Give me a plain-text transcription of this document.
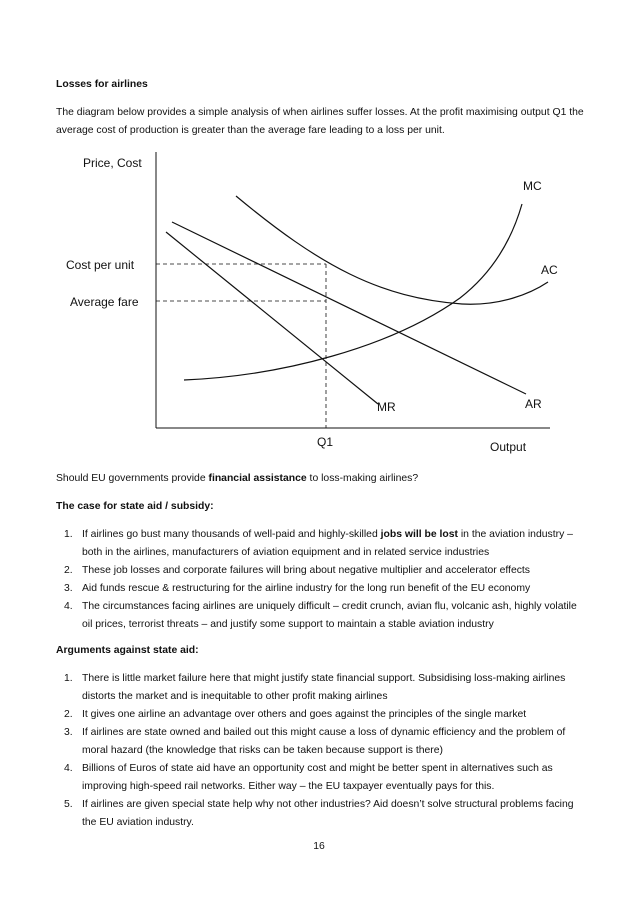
Losses for airlines

The diagram below provides a simple analysis of when airlines suffer losses. At the profit maximising output Q1 the average cost of production is greater than the average fare leading to a loss per unit.

Price, Cost
Output
Cost per unit
Average fare
Q1
MC
AC
MR	AR

Should EU governments provide financial assistance to loss-making airlines?

The case for state aid / subsidy:

1. If airlines go bust many thousands of well-paid and highly-skilled jobs will be lost in the aviation industry – both in the airlines, manufacturers of aviation equipment and in related service industries
2. These job losses and corporate failures will bring about negative multiplier and accelerator effects
3. Aid funds rescue & restructuring for the airline industry for the long run benefit of the EU economy
4. The circumstances facing airlines are uniquely difficult – credit crunch, avian flu, volcanic ash, highly volatile oil prices, terrorist threats – and justify some support to maintain a stable aviation industry

Arguments against state aid:

1. There is little market failure here that might justify state financial support. Subsidising loss-making airlines distorts the market and is inequitable to other profit making airlines
2. It gives one airline an advantage over others and goes against the principles of the single market
3. If airlines are state owned and bailed out this might cause a loss of dynamic efficiency and the problem of moral hazard (the knowledge that risks can be taken because support is there)
4. Billions of Euros of state aid have an opportunity cost and might be better spent in alternatives such as improving high-speed rail networks. Either way – the EU taxpayer eventually pays for this.
5. If airlines are given special state help why not other industries? Aid doesn’t solve structural problems facing the EU aviation industry.
16
